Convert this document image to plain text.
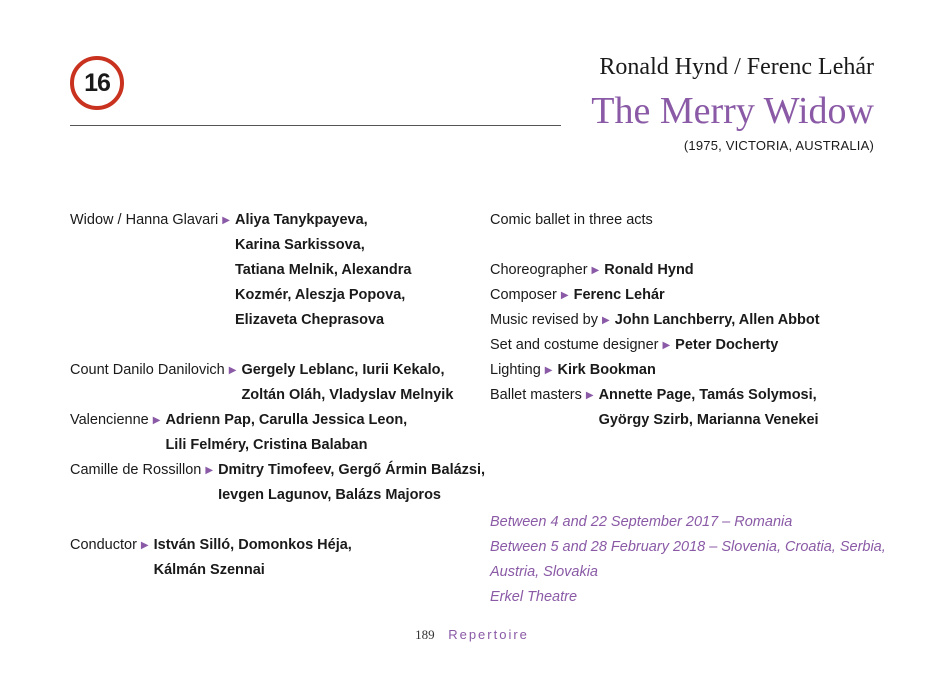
16
Ronald Hynd / Ferenc Lehár
The Merry Widow
(1975, VICTORIA, AUSTRALIA)
Widow / Hanna Glavari ▶ Aliya Tanykpayeva,
Karina Sarkissova,
Tatiana Melnik, Alexandra
Kozmér, Aleszja Popova,
Elizaveta Cheprasova
Count Danilo Danilovich ▶ Gergely Leblanc, Iurii Kekalo,
Zoltán Oláh, Vladyslav Melnyik
Valencienne ▶ Adrienn Pap, Carulla Jessica Leon,
Lili Felméry, Cristina Balaban
Camille de Rossillon ▶ Dmitry Timofeev, Gergő Ármin Balázsi,
Ievgen Lagunov, Balázs Majoros
Conductor ▶ István Silló, Domonkos Héja,
Kálmán Szennai
Comic ballet in three acts
Choreographer ▶ Ronald Hynd
Composer ▶ Ferenc Lehár
Music revised by ▶ John Lanchberry, Allen Abbot
Set and costume designer ▶ Peter Docherty
Lighting ▶ Kirk Bookman
Ballet masters ▶ Annette Page, Tamás Solymosi,
György Szirb, Marianna Venekei
Between 4 and 22 September 2017 – Romania
Between 5 and 28 February 2018 – Slovenia, Croatia, Serbia,
Austria, Slovakia
Erkel Theatre
189 Repertoire
